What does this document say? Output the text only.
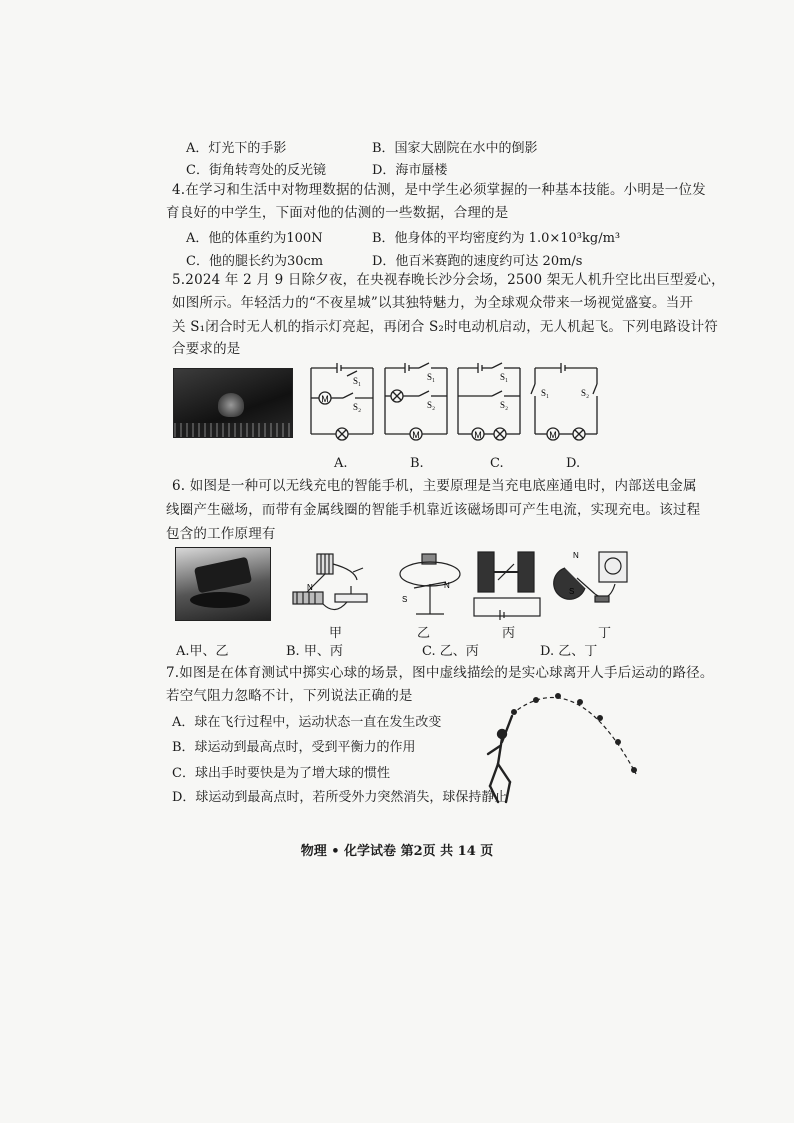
A．灯光下的手影	B．国家大剧院在水中的倒影
C．街角转弯处的反光镜	D．海市蜃楼
4.在学习和生活中对物理数据的估测，是中学生必须掌握的一种基本技能。小明是一位发
育良好的中学生，下面对他的估测的一些数据，合理的是
A．他的体重约为100N	B．他身体的平均密度约为 1.0×10³kg/m³
C．他的腿长约为30cm	D．他百米赛跑的速度约可达 20m/s
5.2024 年 2 月 9 日除夕夜，在央视春晚长沙分会场，2500 架无人机升空比出巨型爱心，
如图所示。年轻活力的“不夜星城”以其独特魅力，为全球观众带来一场视觉盛宴。当开
关 S₁闭合时无人机的指示灯亮起，再闭合 S₂时电动机启动，无人机起飞。下列电路设计符
合要求的是
M
S₁
S₂
A.
M
S₁
S₂
B.
M
S₁
S₂
C.
M
S₁	S₂
D.
6. 如图是一种可以无线充电的智能手机，主要原理是当充电底座通电时，内部送电金属
线圈产生磁场，而带有金属线圈的智能手机靠近该磁场即可产生电流，实现充电。该过程
包含的工作原理有
N
甲
N
S
乙	丙
N
S
丁
A.甲、乙	B. 甲、丙	C. 乙、丙	D. 乙、丁
7.如图是在体育测试中掷实心球的场景，图中虚线描绘的是实心球离开人手后运动的路径。
若空气阻力忽略不计，下列说法正确的是
A．球在飞行过程中，运动状态一直在发生改变
B．球运动到最高点时，受到平衡力的作用
C．球出手时要快是为了增大球的惯性
D．球运动到最高点时，若所受外力突然消失，球保持静止
物理 • 化学试卷 第2页 共 14 页
